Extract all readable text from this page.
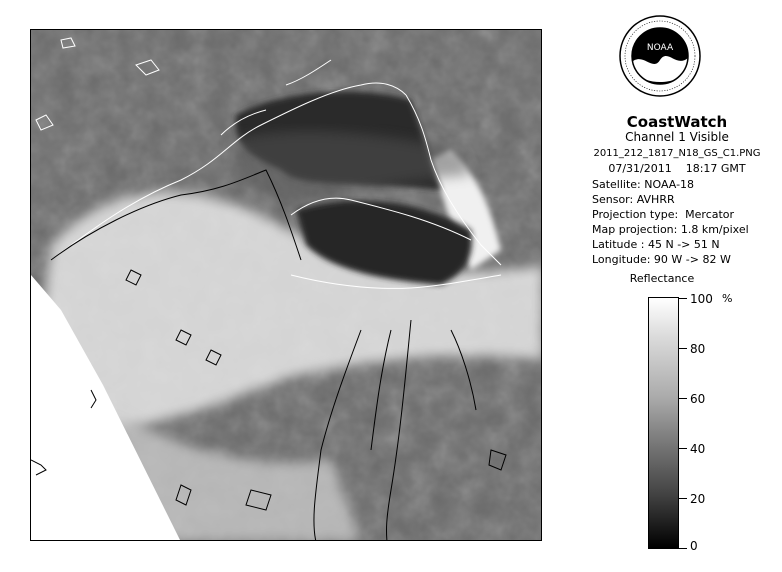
NOAA
CoastWatch
Channel 1 Visible
2011_212_1817_N18_GS_C1.PNG
07/31/2011    18:17 GMT
Satellite: NOAA-18
Sensor: AVHRR
Projection type:  Mercator
Map projection: 1.8 km/pixel
Latitude : 45 N -> 51 N
Longitude: 90 W -> 82 W
Reflectance
%
100
80
60
40
20
0
